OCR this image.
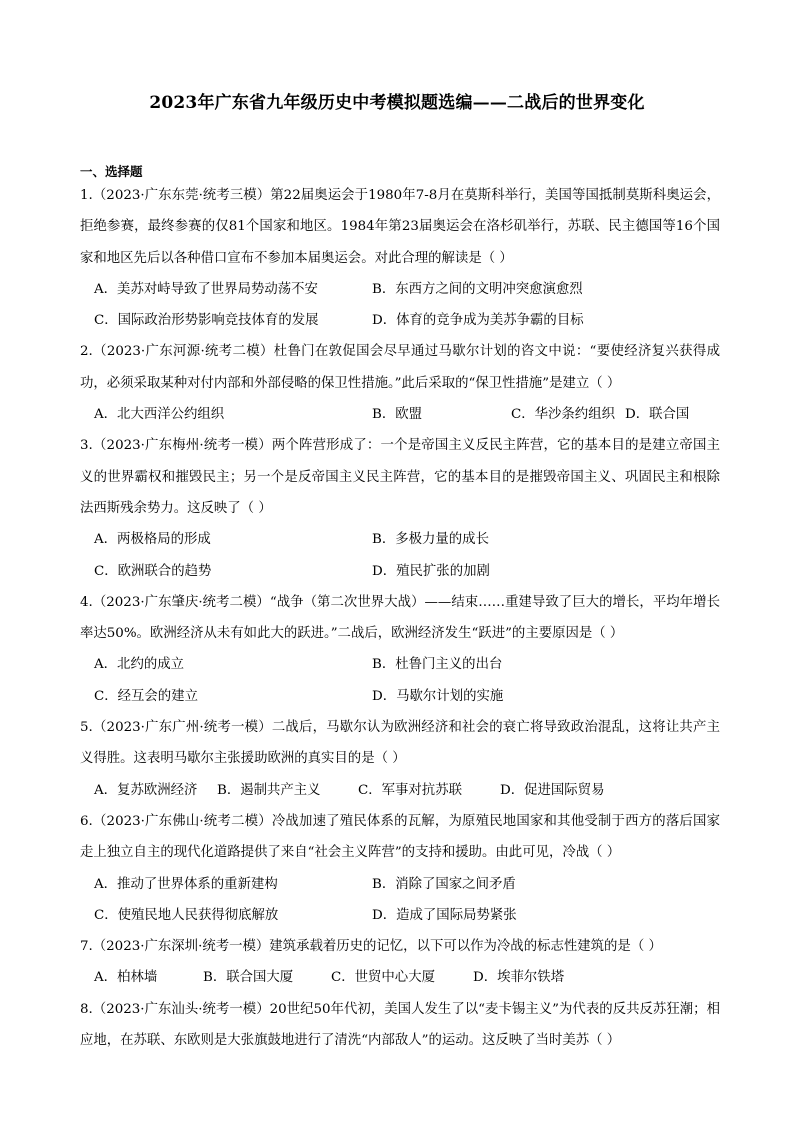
2023年广东省九年级历史中考模拟题选编——二战后的世界变化
一、选择题
1.（2023·广东东莞·统考三模）第22届奥运会于1980年7-8月在莫斯科举行，美国等国抵制莫斯科奥运会，拒绝参赛，最终参赛的仅81个国家和地区。1984年第23届奥运会在洛杉矶举行，苏联、民主德国等16个国家和地区先后以各种借口宣布不参加本届奥运会。对此合理的解读是（ ）
A．美苏对峙导致了世界局势动荡不安	B．东西方之间的文明冲突愈演愈烈
C．国际政治形势影响竞技体育的发展	D．体育的竞争成为美苏争霸的目标
2.（2023·广东河源·统考二模）杜鲁门在敦促国会尽早通过马歇尔计划的咨文中说：“要使经济复兴获得成功，必须采取某种对付内部和外部侵略的保卫性措施。”此后采取的“保卫性措施”是建立（ ）
A．北大西洋公约组织	B．欧盟	C．华沙条约组织 D．联合国
3.（2023·广东梅州·统考一模）两个阵营形成了：一个是帝国主义反民主阵营，它的基本目的是建立帝国主义的世界霸权和摧毁民主；另一个是反帝国主义民主阵营，它的基本目的是摧毁帝国主义、巩固民主和根除法西斯残余势力。这反映了（ ）
A．两极格局的形成	B．多极力量的成长
C．欧洲联合的趋势	D．殖民扩张的加剧
4.（2023·广东肇庆·统考二模）“战争（第二次世界大战）——结束……重建导致了巨大的增长，平均年增长率达50%。欧洲经济从未有如此大的跃进。”二战后，欧洲经济发生“跃进”的主要原因是（ ）
A．北约的成立	B．杜鲁门主义的出台
C．经互会的建立	D．马歇尔计划的实施
5.（2023·广东广州·统考一模）二战后，马歇尔认为欧洲经济和社会的衰亡将导致政治混乱，这将让共产主义得胜。这表明马歇尔主张援助欧洲的真实目的是（ ）
A．复苏欧洲经济	B．遏制共产主义	C．军事对抗苏联	D．促进国际贸易
6.（2023·广东佛山·统考二模）冷战加速了殖民体系的瓦解，为原殖民地国家和其他受制于西方的落后国家走上独立自主的现代化道路提供了来自“社会主义阵营”的支持和援助。由此可见，冷战（ ）
A．推动了世界体系的重新建构	B．消除了国家之间矛盾
C．使殖民地人民获得彻底解放	D．造成了国际局势紧张
7.（2023·广东深圳·统考一模）建筑承载着历史的记忆，以下可以作为冷战的标志性建筑的是（ ）
A．柏林墙	B．联合国大厦	C．世贸中心大厦	D．埃菲尔铁塔
8.（2023·广东汕头·统考一模）20世纪50年代初，美国人发生了以“麦卡锡主义”为代表的反共反苏狂潮；相应地，在苏联、东欧则是大张旗鼓地进行了清洗“内部敌人”的运动。这反映了当时美苏（ ）
